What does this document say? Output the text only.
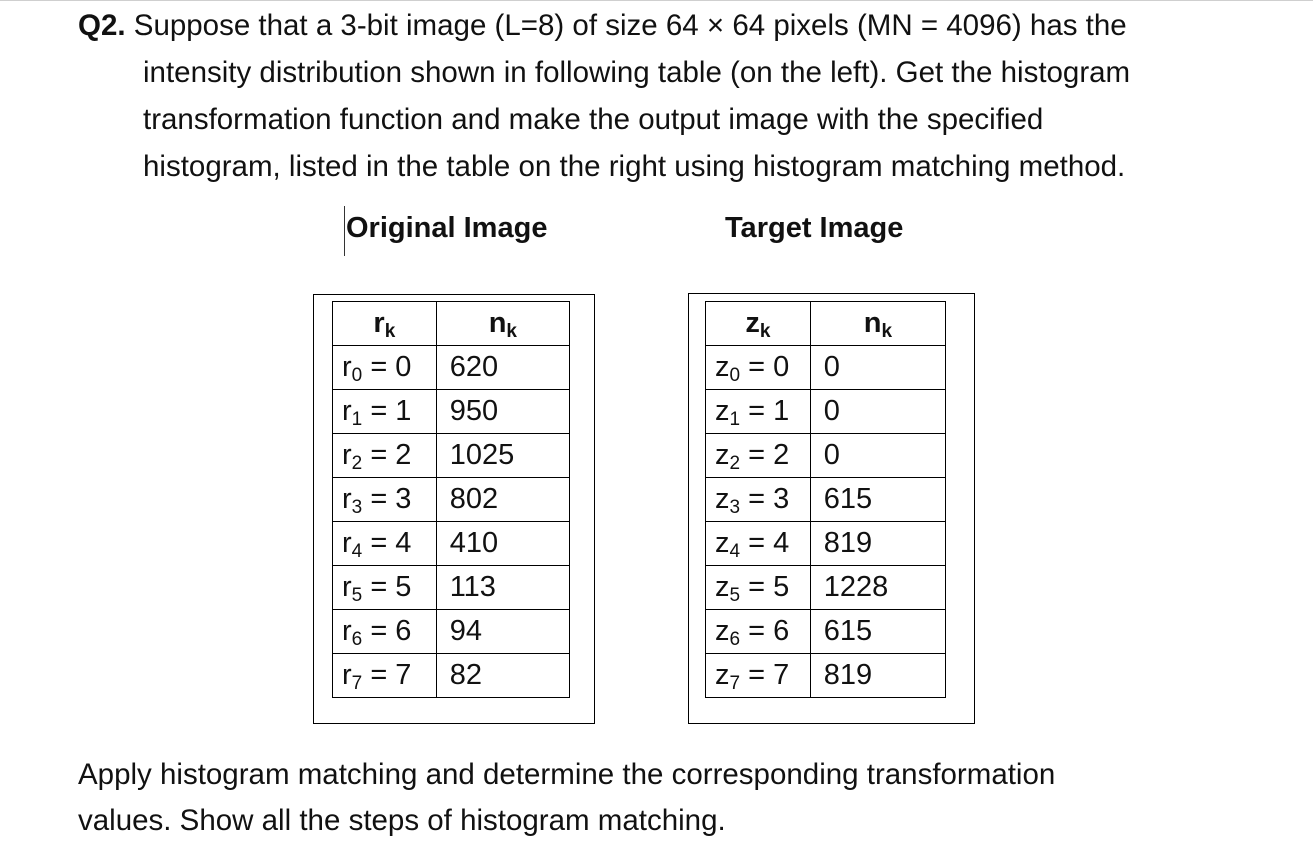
Q2. Suppose that a 3-bit image (L=8) of size 64 × 64 pixels (MN = 4096) has the
intensity distribution shown in following table (on the left). Get the histogram
transformation function and make the output image with the specified
histogram, listed in the table on the right using histogram matching method.
Original Image	Target Image
$r_k$	$n_k$
$r_0 = 0$	620
$r_1 = 1$	950
$r_2 = 2$	1025
$r_3 = 3$	802
$r_4 = 4$	410
$r_5 = 5$	113
$r_6 = 6$	94
$r_7 = 7$	82
$z_k$	$n_k$
$z_0 = 0$	0
$z_1 = 1$	0
$z_2 = 2$	0
$z_3 = 3$	615
$z_4 = 4$	819
$z_5 = 5$	1228
$z_6 = 6$	615
$z_7 = 7$	819
Apply histogram matching and determine the corresponding transformation
values. Show all the steps of histogram matching.
